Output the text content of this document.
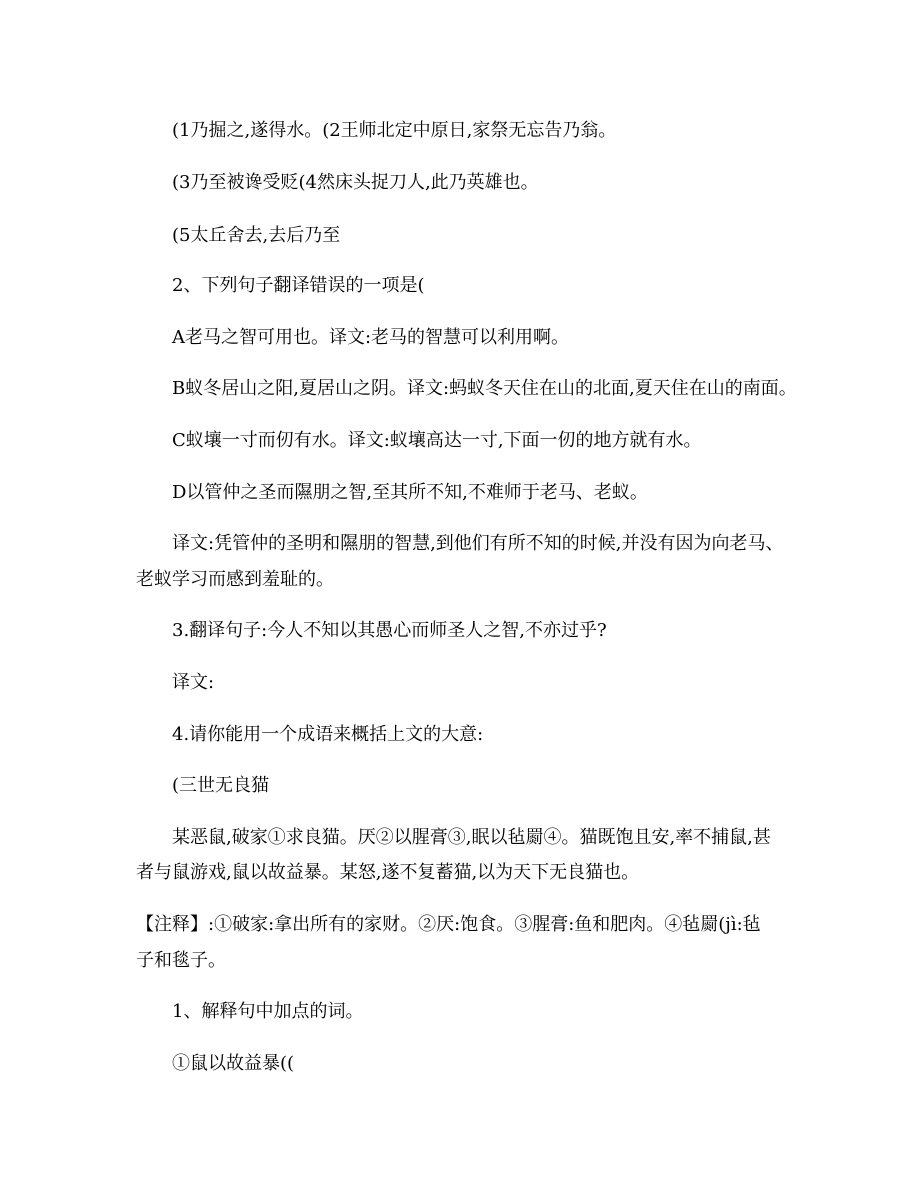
(1乃掘之,遂得水。(2王师北定中原日,家祭无忘告乃翁。
(3乃至被谗受贬(4然床头捉刀人,此乃英雄也。
(5太丘舍去,去后乃至
2、下列句子翻译错误的一项是(
A老马之智可用也。译文:老马的智慧可以利用啊。
B蚁冬居山之阳,夏居山之阴。译文:蚂蚁冬天住在山的北面,夏天住在山的南面。
C蚁壤一寸而仞有水。译文:蚁壤高达一寸,下面一仞的地方就有水。
D以管仲之圣而隰朋之智,至其所不知,不难师于老马、老蚁。
译文:凭管仲的圣明和隰朋的智慧,到他们有所不知的时候,并没有因为向老马、
老蚁学习而感到羞耻的。
3.翻译句子:今人不知以其愚心而师圣人之智,不亦过乎?
译文:
4.请你能用一个成语来概括上文的大意:
(三世无良猫
某恶鼠,破家①求良猫。厌②以腥膏③,眠以毡罽④。猫既饱且安,率不捕鼠,甚
者与鼠游戏,鼠以故益暴。某怒,遂不复蓄猫,以为天下无良猫也。
【注释】:①破家:拿出所有的家财。②厌:饱食。③腥膏:鱼和肥肉。④毡罽(jì:毡
子和毯子。
1、解释句中加点的词。
①鼠以故益暴((
